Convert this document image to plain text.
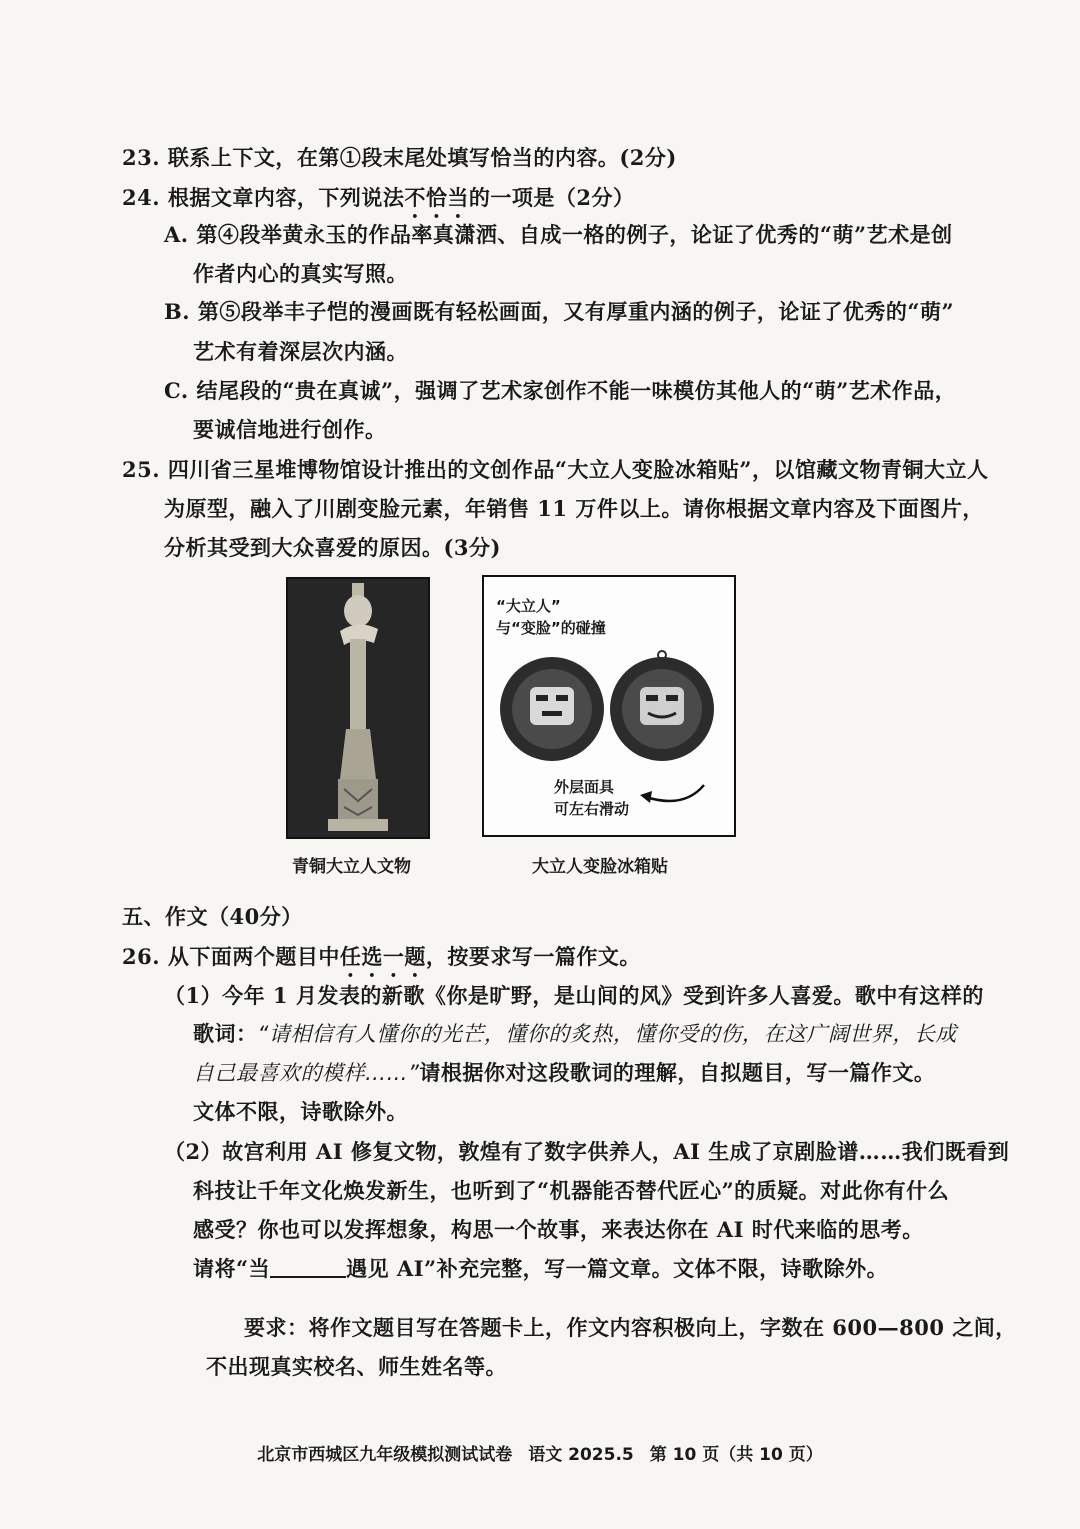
23. 联系上下文，在第①段末尾处填写恰当的内容。(2分)
24. 根据文章内容，下列说法不恰当的一项是（2分）
A. 第④段举黄永玉的作品率真潇洒、自成一格的例子，论证了优秀的“萌”艺术是创
作者内心的真实写照。
B. 第⑤段举丰子恺的漫画既有轻松画面，又有厚重内涵的例子，论证了优秀的“萌”
艺术有着深层次内涵。
C. 结尾段的“贵在真诚”，强调了艺术家创作不能一味模仿其他人的“萌”艺术作品，
要诚信地进行创作。
25. 四川省三星堆博物馆设计推出的文创作品“大立人变脸冰箱贴”，以馆藏文物青铜大立人
为原型，融入了川剧变脸元素，年销售 11 万件以上。请你根据文章内容及下面图片，
分析其受到大众喜爱的原因。(3分)
“大立人”
与“变脸”的碰撞
外层面具
可左右滑动
青铜大立人文物	大立人变脸冰箱贴
五、作文（40分）
26. 从下面两个题目中任选一题，按要求写一篇作文。
（1）今年 1 月发表的新歌《你是旷野，是山间的风》受到许多人喜爱。歌中有这样的
歌词：“请相信有人懂你的光芒，懂你的炙热，懂你受的伤，在这广阔世界，长成
自己最喜欢的模样……”请根据你对这段歌词的理解，自拟题目，写一篇作文。
文体不限，诗歌除外。
（2）故宫利用 AI 修复文物，敦煌有了数字供养人，AI 生成了京剧脸谱……我们既看到
科技让千年文化焕发新生，也听到了“机器能否替代匠心”的质疑。对此你有什么
感受？你也可以发挥想象，构思一个故事，来表达你在 AI 时代来临的思考。
请将“当	遇见 AI”补充完整，写一篇文章。文体不限，诗歌除外。
要求：将作文题目写在答题卡上，作文内容积极向上，字数在 600—800 之间，
不出现真实校名、师生姓名等。
北京市西城区九年级模拟测试试卷 语文 2025.5 第 10 页（共 10 页）
